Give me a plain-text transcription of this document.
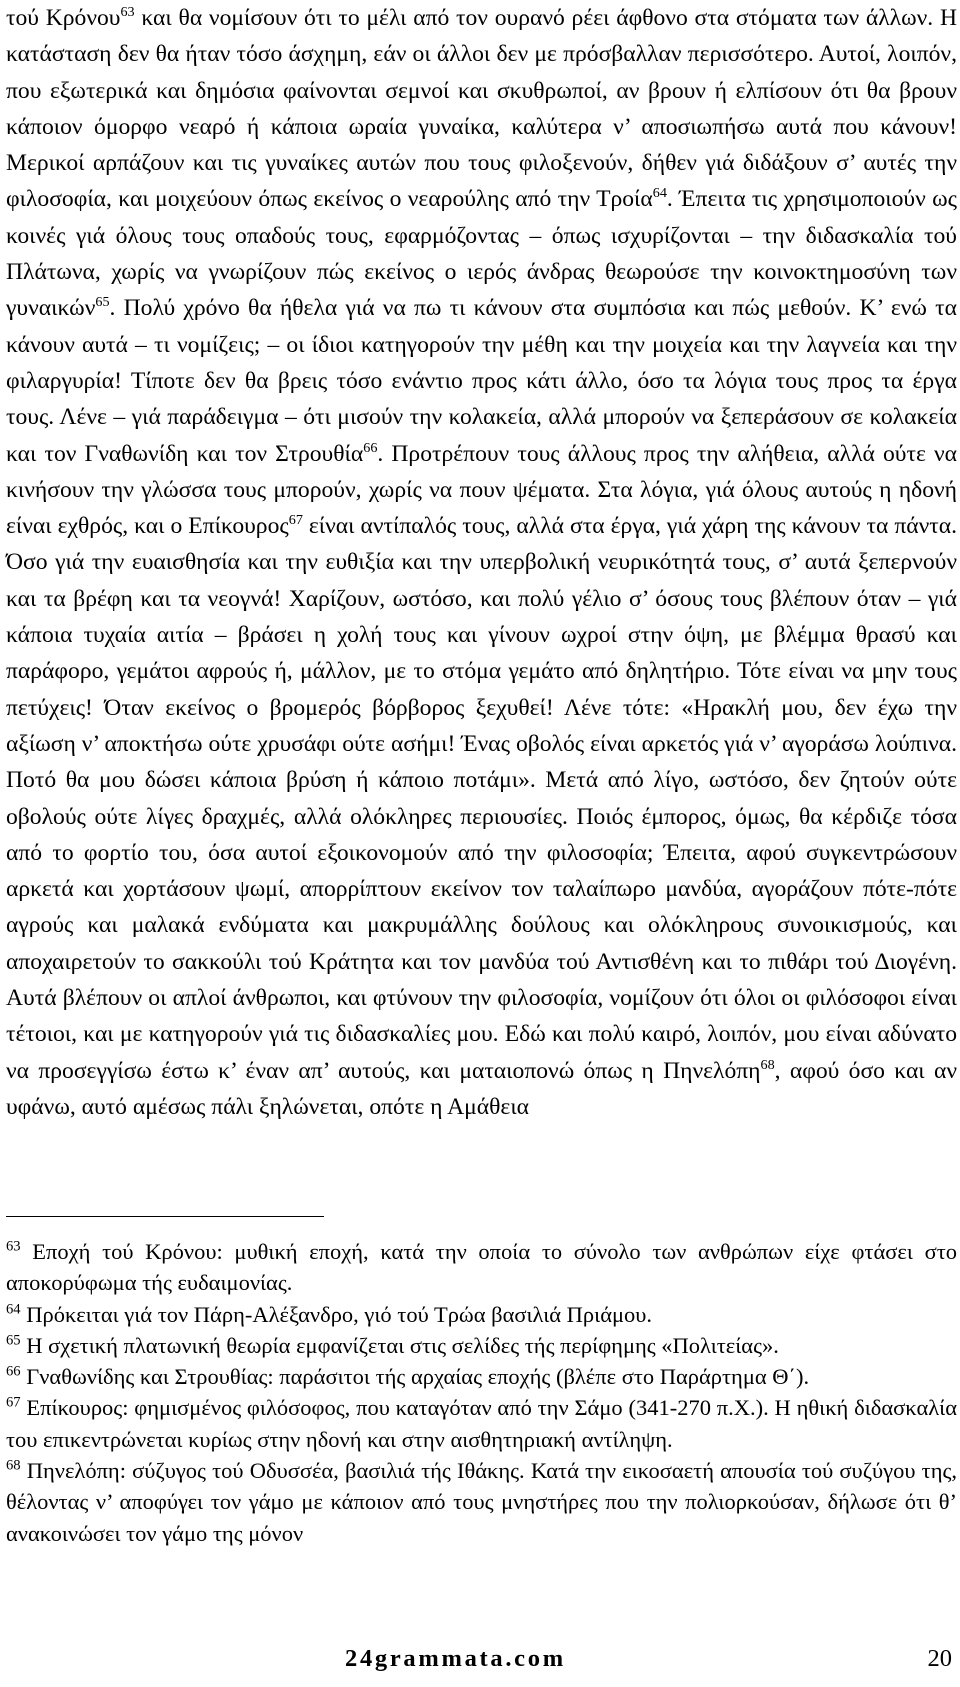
τού Κρόνου$^{63}$ και θα νομίσουν ότι το μέλι από τον ουρανό ρέει άφθονο στα στόματα των άλλων. Η κατάσταση δεν θα ήταν τόσο άσχημη, εάν οι άλλοι δεν με πρόσβαλλαν περισσότερο. Αυτοί, λοιπόν, που εξωτερικά και δημόσια φαίνονται σεμνοί και σκυθρωποί, αν βρουν ή ελπίσουν ότι θα βρουν κάποιον όμορφο νεαρό ή κάποια ωραία γυναίκα, καλύτερα ν’ αποσιωπήσω αυτά που κάνουν! Μερικοί αρπάζουν και τις γυναίκες αυτών που τους φιλοξενούν, δήθεν γιά διδάξουν σ’ αυτές την φιλοσοφία, και μοιχεύουν όπως εκείνος ο νεαρούλης από την Τροία$^{64}$. Έπειτα τις χρησιμοποιούν ως κοινές γιά όλους τους οπαδούς τους, εφαρμόζοντας – όπως ισχυρίζονται – την διδασκαλία τού Πλάτωνα, χωρίς να γνωρίζουν πώς εκείνος ο ιερός άνδρας θεωρούσε την κοινοκτημοσύνη των γυναικών$^{65}$. Πολύ χρόνο θα ήθελα γιά να πω τι κάνουν στα συμπόσια και πώς μεθούν. Κ’ ενώ τα κάνουν αυτά – τι νομίζεις; – οι ίδιοι κατηγορούν την μέθη και την μοιχεία και την λαγνεία και την φιλαργυρία! Τίποτε δεν θα βρεις τόσο ενάντιο προς κάτι άλλο, όσο τα λόγια τους προς τα έργα τους. Λένε – γιά παράδειγμα – ότι μισούν την κολακεία, αλλά μπορούν να ξεπεράσουν σε κολακεία και τον Γναθωνίδη και τον Στρουθία$^{66}$. Προτρέπουν τους άλλους προς την αλήθεια, αλλά ούτε να κινήσουν την γλώσσα τους μπορούν, χωρίς να πουν ψέματα. Στα λόγια, γιά όλους αυτούς η ηδονή είναι εχθρός, και ο Επίκουρος$^{67}$ είναι αντίπαλός τους, αλλά στα έργα, γιά χάρη της κάνουν τα πάντα. Όσο γιά την ευαισθησία και την ευθιξία και την υπερβολική νευρικότητά τους, σ’ αυτά ξεπερνούν και τα βρέφη και τα νεογνά! Χαρίζουν, ωστόσο, και πολύ γέλιο σ’ όσους τους βλέπουν όταν – γιά κάποια τυχαία αιτία – βράσει η χολή τους και γίνουν ωχροί στην όψη, με βλέμμα θρασύ και παράφορο, γεμάτοι αφρούς ή, μάλλον, με το στόμα γεμάτο από δηλητήριο. Τότε είναι να μην τους πετύχεις! Όταν εκείνος ο βρομερός βόρβορος ξεχυθεί! Λένε τότε: «Ηρακλή μου, δεν έχω την αξίωση ν’ αποκτήσω ούτε χρυσάφι ούτε ασήμι! Ένας οβολός είναι αρκετός γιά ν’ αγοράσω λούπινα. Ποτό θα μου δώσει κάποια βρύση ή κάποιο ποτάμι». Μετά από λίγο, ωστόσο, δεν ζητούν ούτε οβολούς ούτε λίγες δραχμές, αλλά ολόκληρες περιουσίες. Ποιός έμπορος, όμως, θα κέρδιζε τόσα από το φορτίο του, όσα αυτοί εξοικονομούν από την φιλοσοφία; Έπειτα, αφού συγκεντρώσουν αρκετά και χορτάσουν ψωμί, απορρίπτουν εκείνον τον ταλαίπωρο μανδύα, αγοράζουν πότε-πότε αγρούς και μαλακά ενδύματα και μακρυμάλλης δούλους και ολόκληρους συνοικισμούς, και αποχαιρετούν το σακκούλι τού Κράτητα και τον μανδύα τού Αντισθένη και το πιθάρι τού Διογένη. Αυτά βλέπουν οι απλοί άνθρωποι, και φτύνουν την φιλοσοφία, νομίζουν ότι όλοι οι φιλόσοφοι είναι τέτοιοι, και με κατηγορούν γιά τις διδασκαλίες μου. Εδώ και πολύ καιρό, λοιπόν, μου είναι αδύνατο να προσεγγίσω έστω κ’ έναν απ’ αυτούς, και ματαιοπονώ όπως η Πηνελόπη$^{68}$, αφού όσο και αν υφάνω, αυτό αμέσως πάλι ξηλώνεται, οπότε η Αμάθεια

$^{63}$ Εποχή τού Κρόνου: μυθική εποχή, κατά την οποία το σύνολο των ανθρώπων είχε φτάσει στο αποκορύφωμα τής ευδαιμονίας.

$^{64}$ Πρόκειται γιά τον Πάρη-Αλέξανδρο, γιό τού Τρώα βασιλιά Πριάμου.

$^{65}$ Η σχετική πλατωνική θεωρία εμφανίζεται στις σελίδες τής περίφημης «Πολιτείας».

$^{66}$ Γναθωνίδης και Στρουθίας: παράσιτοι τής αρχαίας εποχής (βλέπε στο Παράρτημα Θ΄).

$^{67}$ Επίκουρος: φημισμένος φιλόσοφος, που καταγόταν από την Σάμο (341-270 π.Χ.). Η ηθική διδασκαλία του επικεντρώνεται κυρίως στην ηδονή και στην αισθητηριακή αντίληψη.

$^{68}$ Πηνελόπη: σύζυγος τού Οδυσσέα, βασιλιά τής Ιθάκης. Κατά την εικοσαετή απουσία τού συζύγου της, θέλοντας ν’ αποφύγει τον γάμο με κάποιον από τους μνηστήρες που την πολιορκούσαν, δήλωσε ότι θ’ ανακοινώσει τον γάμο της μόνον

24grammata.com	20
